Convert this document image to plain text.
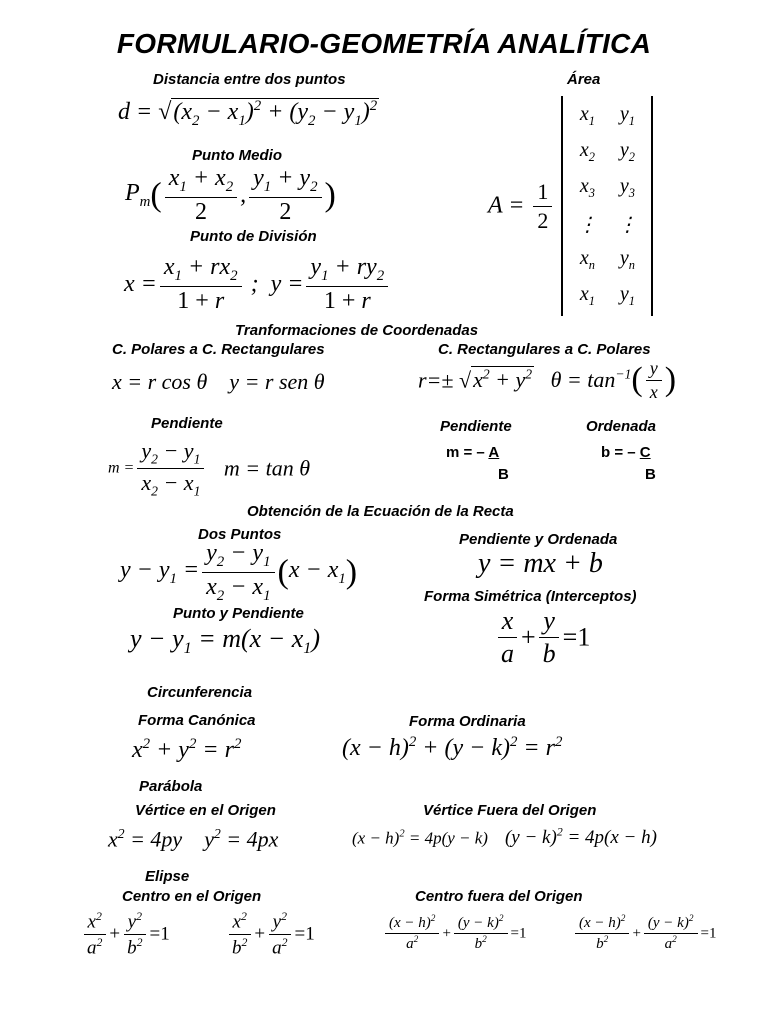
FORMULARIO-GEOMETRÍA ANALÍTICA
Distancia entre dos puntos
$d = √(x_2 - x_1)^2 + (y_2 - y_1)^2$
Área
$A = \frac{1}{2}$

$x_1$	$y_1$
$x_2$	$y_2$
$x_3$	$y_3$
⋮	⋮
$x_n$	$y_n$
$x_1$	$y_1$
Punto Medio
$P_m( \frac{x_1 + x_2}{2}$ , $\frac{y_1 + y_2}{2}$ )
Punto de División
$x = \frac{x_1 + rx_2}{1 + r}$ ;  $y = \frac{y_1 + ry_2}{1 + r}$
Tranformaciones de Coordenadas
C. Polares a C. Rectangulares	C. Rectangulares a C. Polares
x = r cos θ    y = r sen θ	$r=\pm √x^2 + y^2$   $\theta = \tan^{-1}( \frac{y}{x}$ )
Pendiente
$m = \frac{y_2 - y_1}{x_2 - x_1}$ m = tan θ
Pendiente	Ordenada
m = – A
B
b = – C
B
Obtención de la Ecuación de la Recta
Dos Puntos
$y - y_1 = \frac{y_2 - y_1}{x_2 - x_1} (x - x_1)$
Pendiente y Ordenada
y = mx + b
Punto y Pendiente
$y - y_1 = m(x - x_1)$
Forma Simétrica (Interceptos)
$\frac{x}{a} + \frac{y}{b} =1$
Circunferencia
Forma Canónica	Forma Ordinaria
$x^2 + y^2 = r^2$	$(x - h)^2 + (y - k)^2 = r^2$
Parábola
Vértice en el Origen	Vértice Fuera del Origen
$x^2 = 4py$    $y^2 = 4px$	$(x - h)^2 = 4p(y - k)$    $(y - k)^2 = 4p(x - h)$
Elipse
Centro en el Origen	Centro fuera del Origen
$\frac{x^2}{a^2} + \frac{y^2}{b^2} =1$	$\frac{x^2}{b^2} + \frac{y^2}{a^2} =1$	$\frac{(x - h)^2}{a^2} + \frac{(y - k)^2}{b^2} =1$	$\frac{(x - h)^2}{b^2} + \frac{(y - k)^2}{a^2} =1$
